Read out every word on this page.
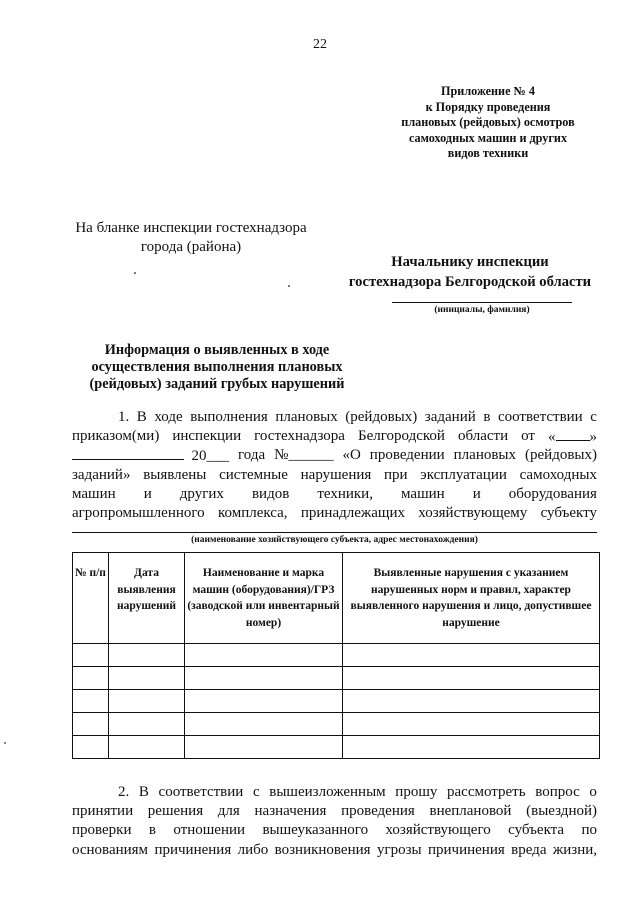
22
Приложение № 4
к Порядку проведения
плановых (рейдовых) осмотров
самоходных машин и других
видов техники
На бланке инспекции гостехнадзора
города (района)
Начальнику инспекции
гостехнадзора Белгородской области
(инициалы, фамилия)
Информация о выявленных в ходе
осуществления выполнения плановых
(рейдовых) заданий грубых нарушений
1. В ходе выполнения плановых (рейдовых) заданий в соответствии с
приказом(ми) инспекции гостехнадзора Белгородской области от « »
20___ года №______ «О проведении плановых (рейдовых)
заданий» выявлены системные нарушения при эксплуатации самоходных
машин и других видов техники, машин и оборудования
агропромышленного комплекса, принадлежащих хозяйствующему субъекту
(наименование хозяйствующего субъекта, адрес местонахождения)
№ п/п	Дата выявления нарушений	Наименование и марка машин (оборудования)/ГРЗ (заводской или инвентарный номер)	Выявленные нарушения с указанием нарушенных норм и правил, характер выявленного нарушения и лицо, допустившее нарушение

2. В соответствии с вышеизложенным прошу рассмотреть вопрос о
принятии решения для назначения проведения внеплановой (выездной)
проверки в отношении вышеуказанного хозяйствующего субъекта по
основаниям причинения либо возникновения угрозы причинения вреда жизни,
